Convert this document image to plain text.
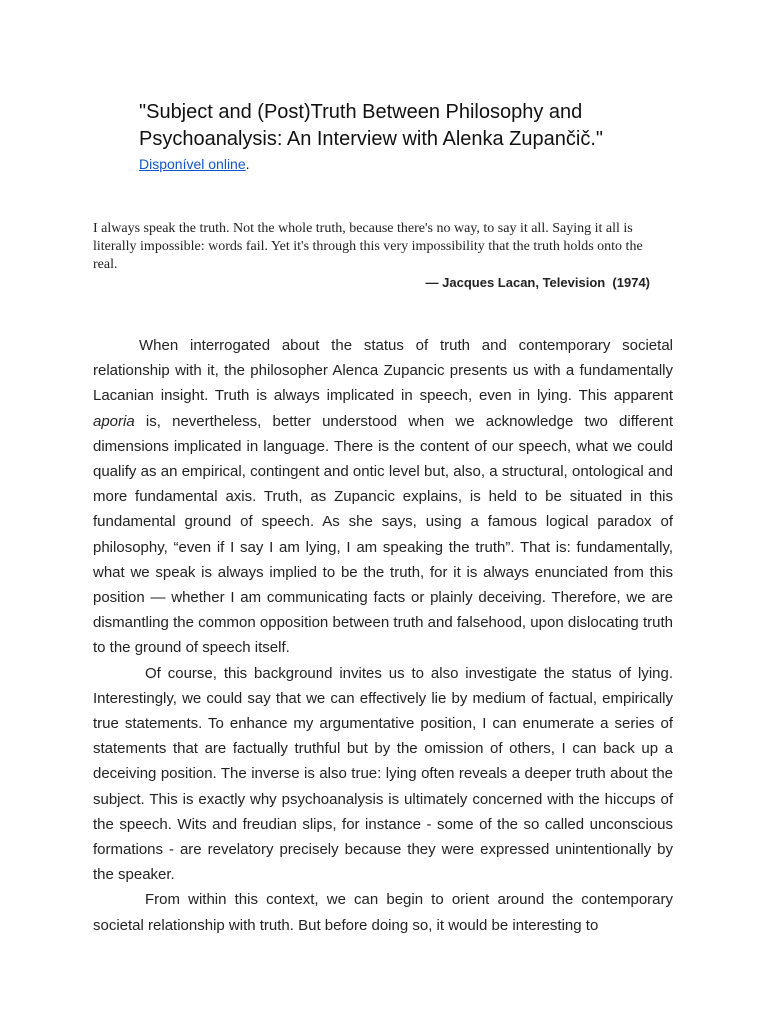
"Subject and (Post)Truth Between Philosophy and Psychoanalysis: An Interview with Alenka Zupančič."
Disponível online.

I always speak the truth. Not the whole truth, because there's no way, to say it all. Saying it all is literally impossible: words fail. Yet it's through this very impossibility that the truth holds onto the real.

— Jacques Lacan, Television  (1974)

When interrogated about the status of truth and contemporary societal relationship with it, the philosopher Alenca Zupancic presents us with a fundamentally Lacanian insight. Truth is always implicated in speech, even in lying. This apparent aporia is, nevertheless, better understood when we acknowledge two different dimensions implicated in language. There is the content of our speech, what we could qualify as an empirical, contingent and ontic level but, also, a structural, ontological and more fundamental axis. Truth, as Zupancic explains, is held to be situated in this fundamental ground of speech. As she says, using a famous logical paradox of philosophy, “even if I say I am lying, I am speaking the truth”. That is: fundamentally, what we speak is always implied to be the truth, for it is always enunciated from this position — whether I am communicating facts or plainly deceiving. Therefore, we are dismantling the common opposition between truth and falsehood, upon dislocating truth to the ground of speech itself.

Of course, this background invites us to also investigate the status of lying. Interestingly, we could say that we can effectively lie by medium of factual, empirically true statements. To enhance my argumentative position, I can enumerate a series of statements that are factually truthful but by the omission of others, I can back up a deceiving position. The inverse is also true: lying often reveals a deeper truth about the subject. This is exactly why psychoanalysis is ultimately concerned with the hiccups of the speech. Wits and freudian slips, for instance - some of the so called unconscious formations - are revelatory precisely because they were expressed unintentionally by the speaker.

From within this context, we can begin to orient around the contemporary societal relationship with truth. But before doing so, it would be interesting to
